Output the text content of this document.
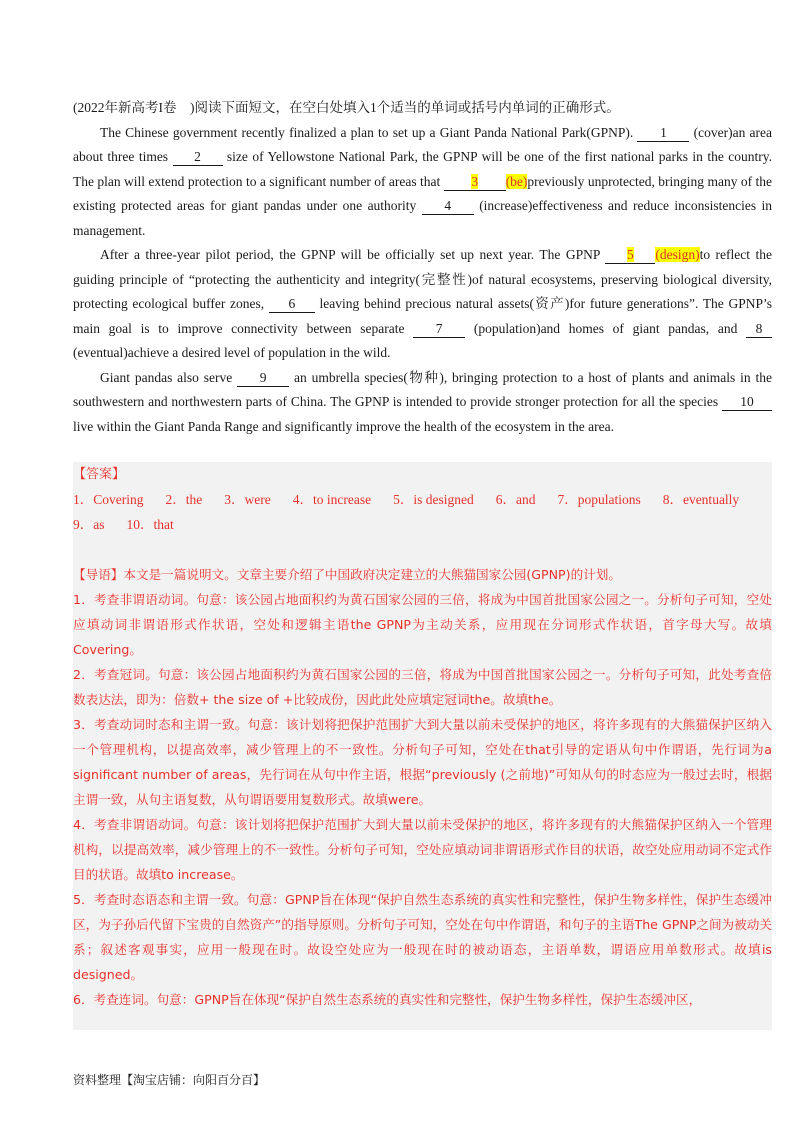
(2022年新高考I卷　)阅读下面短文，在空白处填入1个适当的单词或括号内单词的正确形式。

The Chinese government recently finalized a plan to set up a Giant Panda National Park(GPNP). 1 (cover)an area about three times 2 size of Yellowstone National Park, the GPNP will be one of the first national parks in the country. The plan will extend protection to a significant number of areas that 3 (be)previously unprotected, bringing many of the existing protected areas for giant pandas under one authority 4 (increase)effectiveness and reduce inconsistencies in management.

After a three-year pilot period, the GPNP will be officially set up next year. The GPNP 5 (design)to reflect the guiding principle of “protecting the authenticity and integrity(完整性)of natural ecosystems, preserving biological diversity, protecting ecological buffer zones, 6 leaving behind precious natural assets(资产)for future generations”. The GPNP’s main goal is to improve connectivity between separate 7 (population)and homes of giant pandas, and 8 (eventual)achieve a desired level of population in the wild.

Giant pandas also serve 9 an umbrella species(物种), bringing protection to a host of plants and animals in the southwestern and northwestern parts of China. The GPNP is intended to provide stronger protection for all the species 10 live within the Giant Panda Range and significantly improve the health of the ecosystem in the area.

【答案】

1．Covering 2．the 3．were 4．to increase 5．is designed 6．and 7．populations 8．eventually
9．as 10．that

【导语】本文是一篇说明文。文章主要介绍了中国政府决定建立的大熊猫国家公园(GPNP)的计划。

1．考查非谓语动词。句意：该公园占地面积约为黄石国家公园的三倍，将成为中国首批国家公园之一。分析句子可知，空处应填动词非谓语形式作状语，空处和逻辑主语the GPNP为主动关系，应用现在分词形式作状语，首字母大写。故填Covering。

2．考查冠词。句意：该公园占地面积约为黄石国家公园的三倍，将成为中国首批国家公园之一。分析句子可知，此处考查倍数表达法，即为：倍数+ the size of +比较成份，因此此处应填定冠词the。故填the。

3．考查动词时态和主谓一致。句意：该计划将把保护范围扩大到大量以前未受保护的地区，将许多现有的大熊猫保护区纳入一个管理机构，以提高效率，减少管理上的不一致性。分析句子可知，空处在that引导的定语从句中作谓语，先行词为a significant number of areas，先行词在从句中作主语，根据“previously (之前地)”可知从句的时态应为一般过去时，根据主谓一致，从句主语复数，从句谓语要用复数形式。故填were。

4．考查非谓语动词。句意：该计划将把保护范围扩大到大量以前未受保护的地区，将许多现有的大熊猫保护区纳入一个管理机构，以提高效率，减少管理上的不一致性。分析句子可知，空处应填动词非谓语形式作目的状语，故空处应用动词不定式作目的状语。故填to increase。

5．考查时态语态和主谓一致。句意：GPNP旨在体现“保护自然生态系统的真实性和完整性，保护生物多样性，保护生态缓冲区，为子孙后代留下宝贵的自然资产”的指导原则。分析句子可知，空处在句中作谓语，和句子的主语The GPNP之间为被动关系；叙述客观事实，应用一般现在时。故设空处应为一般现在时的被动语态，主语单数，谓语应用单数形式。故填is designed。

6．考查连词。句意：GPNP旨在体现“保护自然生态系统的真实性和完整性，保护生物多样性，保护生态缓冲区，

资料整理【淘宝店铺：向阳百分百】
